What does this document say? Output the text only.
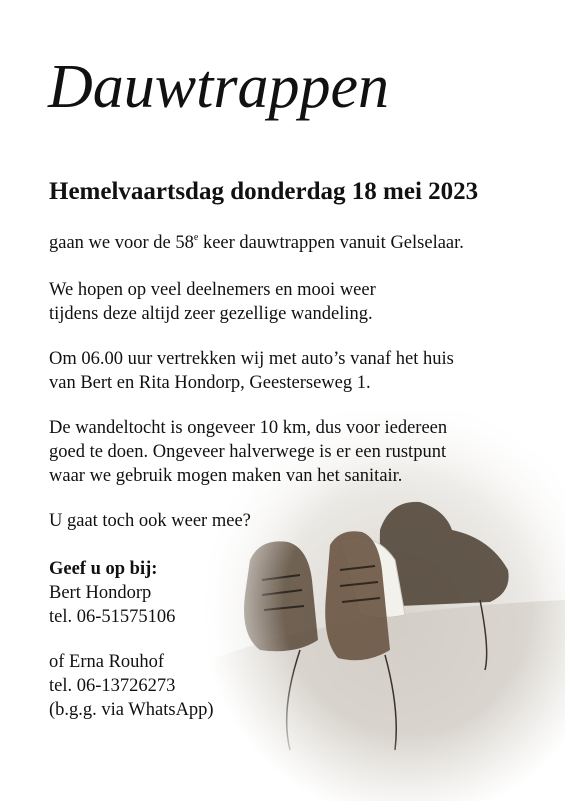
Dauwtrappen
Hemelvaartsdag donderdag 18 mei 2023
gaan we voor de 58e keer dauwtrappen vanuit Gelselaar.
We hopen op veel deelnemers en mooi weer
tijdens deze altijd zeer gezellige wandeling.
Om 06.00 uur vertrekken wij met auto’s vanaf het huis
van Bert en Rita Hondorp, Geesterseweg 1.
De wandeltocht is ongeveer 10 km, dus voor iedereen
goed te doen. Ongeveer halverwege is er een rustpunt
waar we gebruik mogen maken van het sanitair.
U gaat toch ook weer mee?
Geef u op bij:
Bert Hondorp
tel. 06-51575106
of Erna Rouhof
tel. 06-13726273
(b.g.g. via WhatsApp)
